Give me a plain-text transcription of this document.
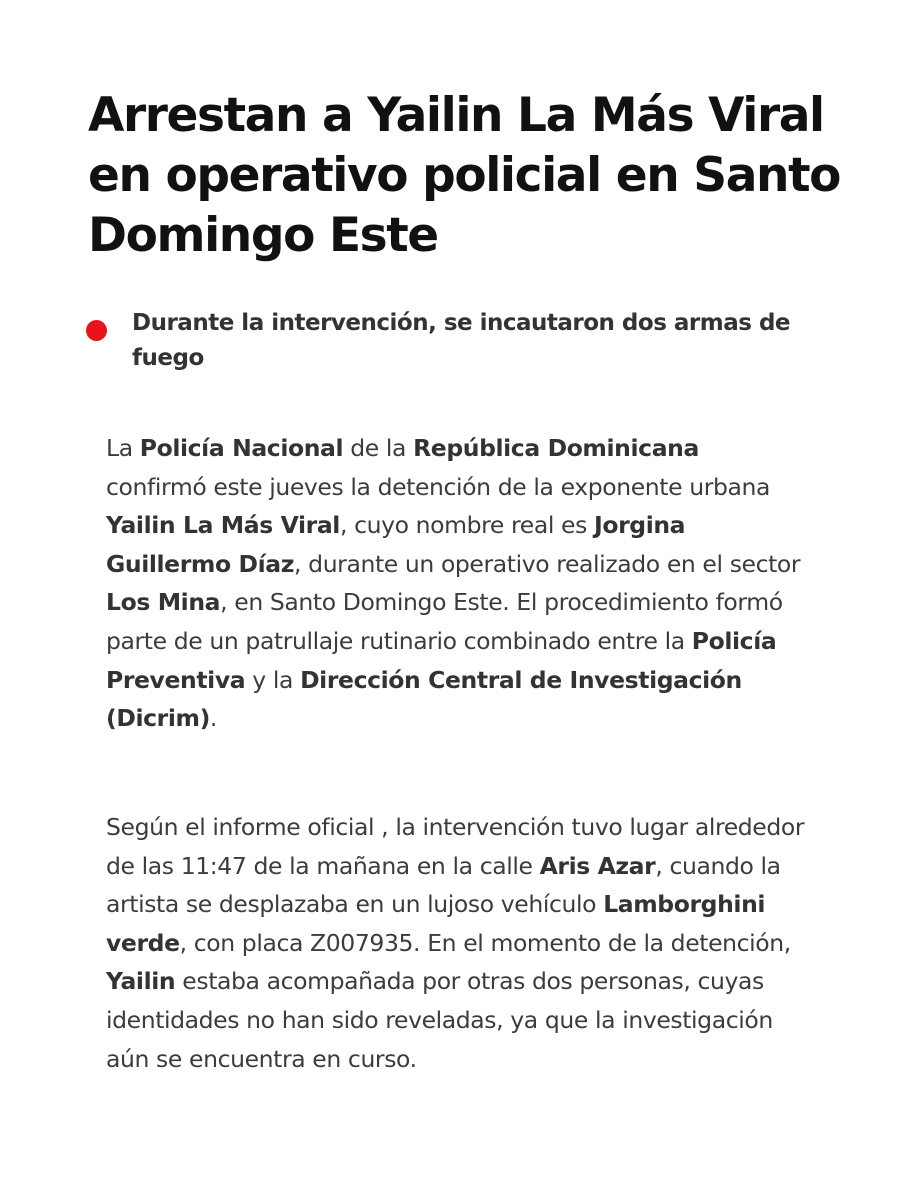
Arrestan a Yailin La Más Viral
en operativo policial en Santo
Domingo Este

Durante la intervención, se incautaron dos armas de fuego

La Policía Nacional de la República Dominicana confirmó este jueves la detención de la exponente urbana Yailin La Más Viral, cuyo nombre real es Jorgina Guillermo Díaz, durante un operativo realizado en el sector Los Mina, en Santo Domingo Este. El procedimiento formó parte de un patrullaje rutinario combinado entre la Policía Preventiva y la Dirección Central de Investigación (Dicrim).

Según el informe oficial , la intervención tuvo lugar alrededor de las 11:47 de la mañana en la calle Aris Azar, cuando la artista se desplazaba en un lujoso vehículo Lamborghini verde, con placa Z007935. En el momento de la detención, Yailin estaba acompañada por otras dos personas, cuyas identidades no han sido reveladas, ya que la investigación aún se encuentra en curso.
